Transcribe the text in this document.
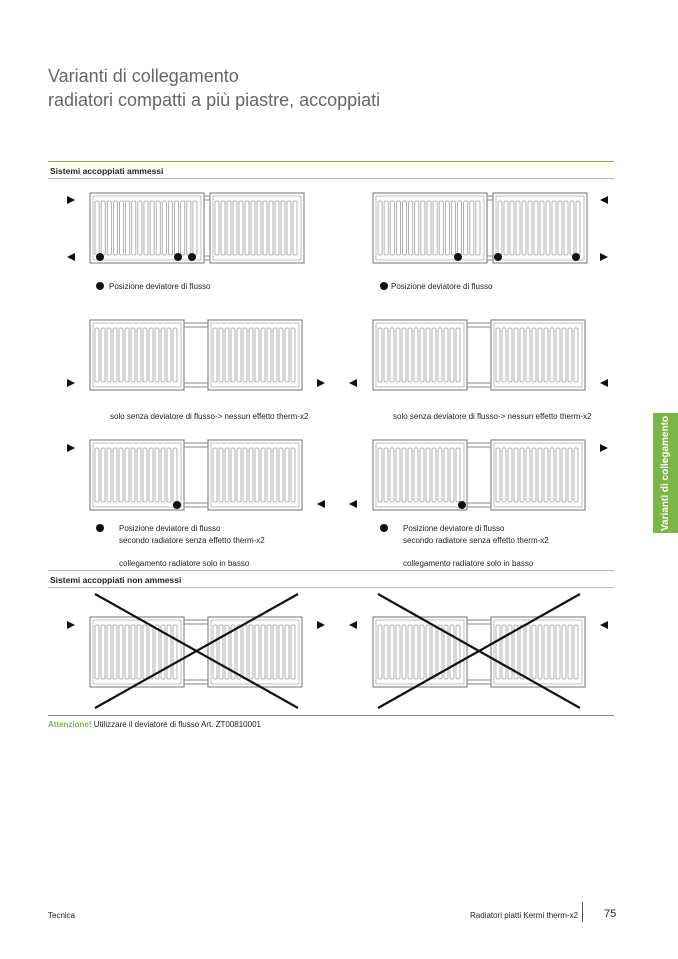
Varianti di collegamento
radiatori compatti a più piastre, accoppiati
Sistemi accoppiati ammessi
Posizione deviatore di flusso	Posizione deviatore di flusso
solo senza deviatore di flusso-> nessun effetto therm-x2	solo senza deviatore di flusso-> nessun effetto therm-x2
Posizione deviatore di flusso
secondo radiatore senza effetto therm-x2
collegamento radiatore solo in basso
Posizione deviatore di flusso
secondo radiatore senza effetto therm-x2
collegamento radiatore solo in basso
Sistemi accoppiati non ammessi
Attenzione! Utilizzare il deviatore di flusso Art. ZT00810001
Varianti di collegamento
Tecnica	Radiatori piatti Kermi therm-x2 75
